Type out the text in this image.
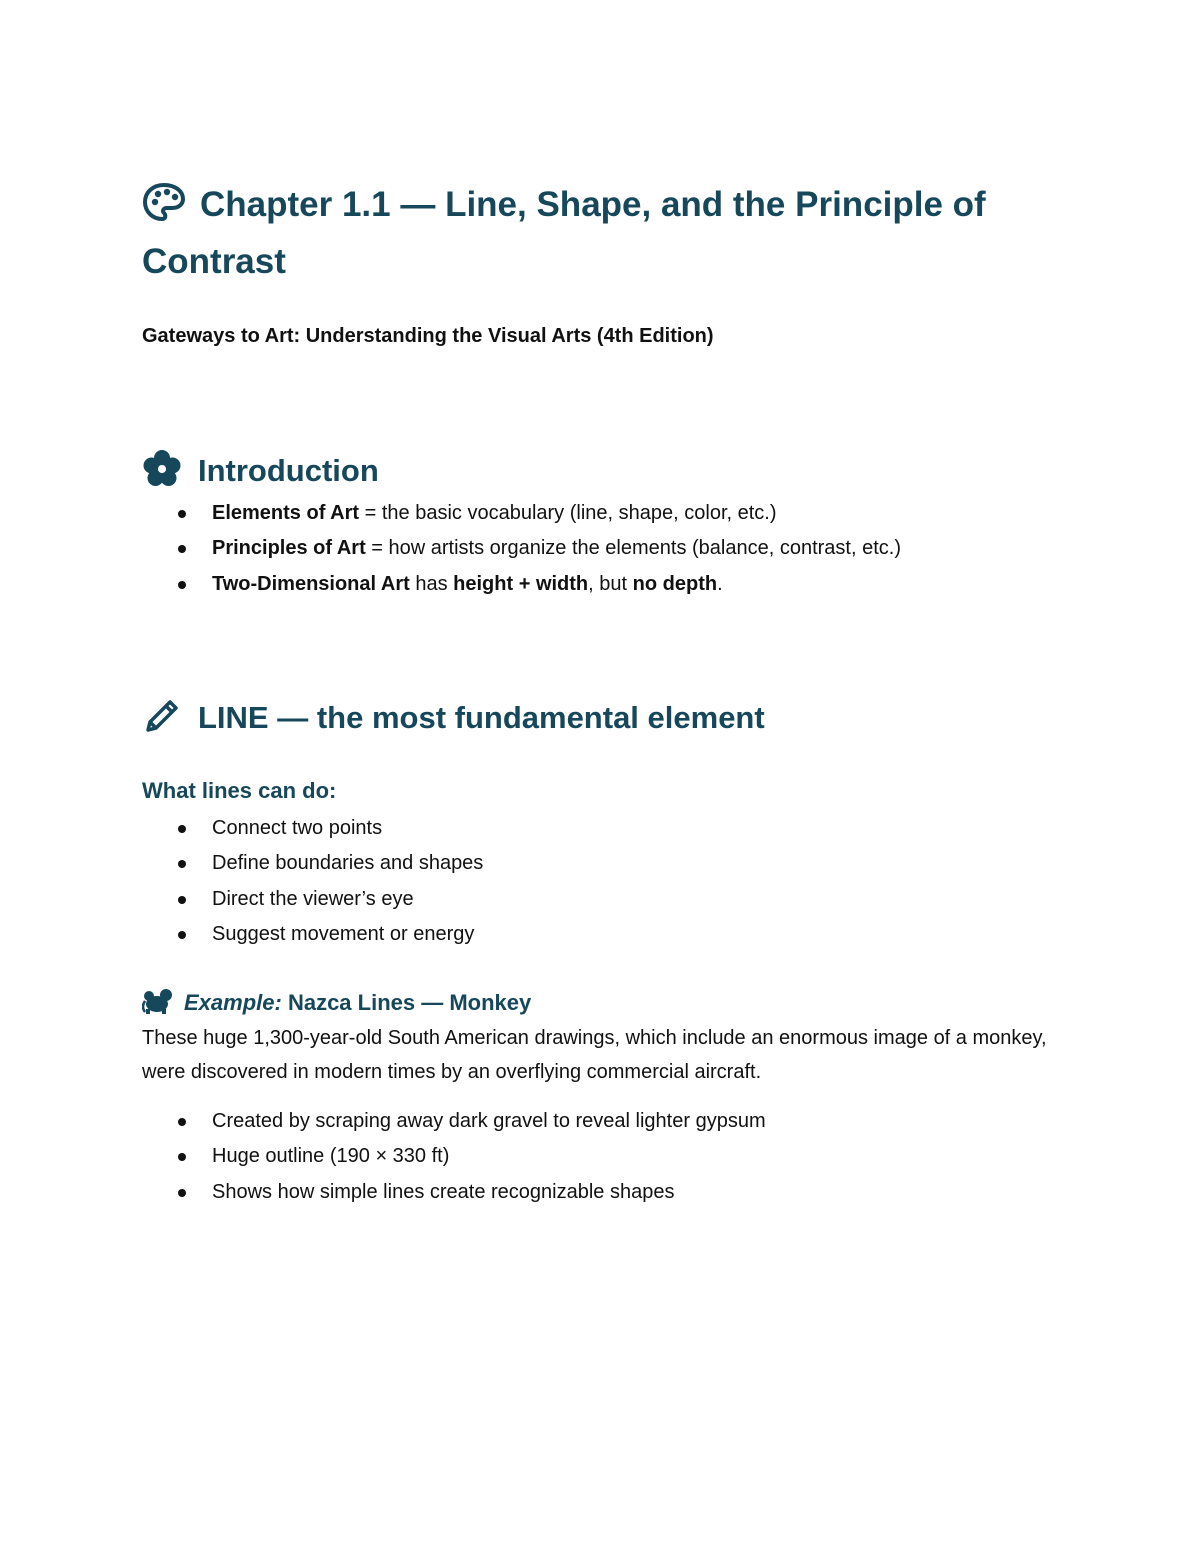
Chapter 1.1 — Line, Shape, and the Principle of Contrast

Gateways to Art: Understanding the Visual Arts (4th Edition)

Introduction
Elements of Art = the basic vocabulary (line, shape, color, etc.)
Principles of Art = how artists organize the elements (balance, contrast, etc.)
Two-Dimensional Art has height + width, but no depth.
LINE — the most fundamental element
What lines can do:
Connect two points
Define boundaries and shapes
Direct the viewer’s eye
Suggest movement or energy
Example: Nazca Lines — Monkey

These huge 1,300-year-old South American drawings, which include an enormous image of a monkey, were discovered in modern times by an overflying commercial aircraft.

Created by scraping away dark gravel to reveal lighter gypsum
Huge outline (190 × 330 ft)
Shows how simple lines create recognizable shapes
